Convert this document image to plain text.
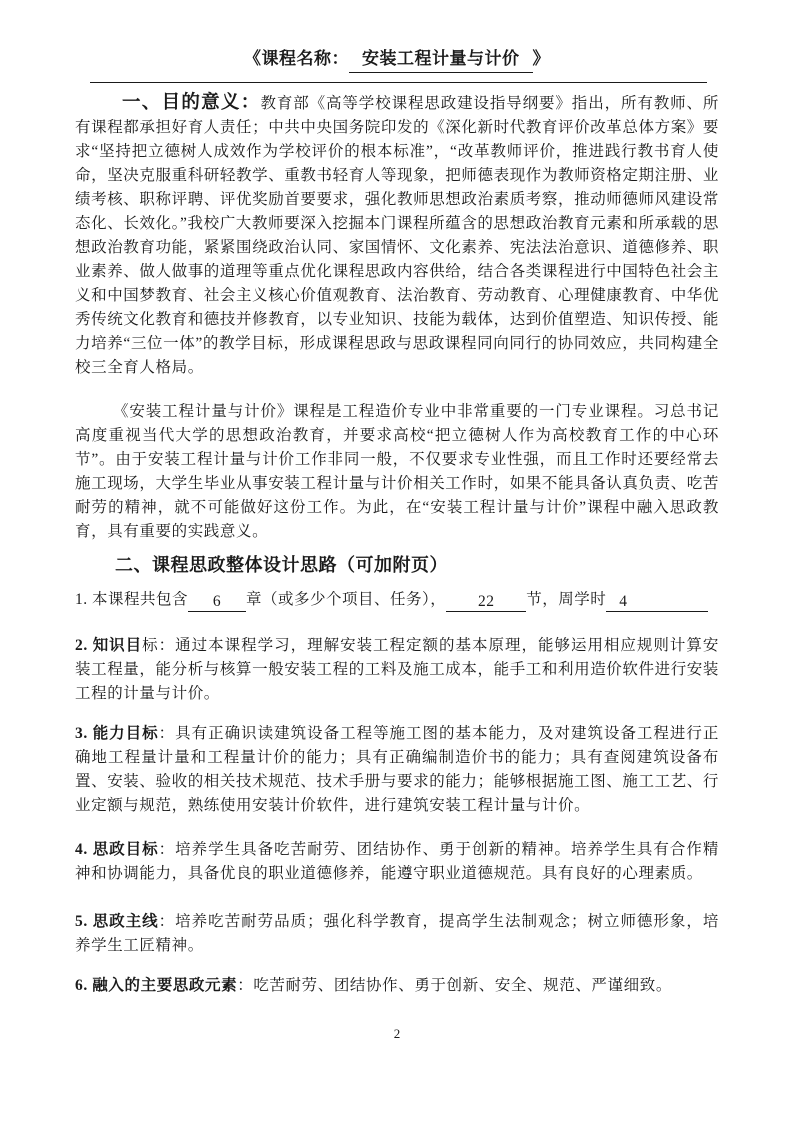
《课程名称： 安装工程计量与计价 》

一、目的意义：教育部《高等学校课程思政建设指导纲要》指出，所有教师、所有课程都承担好育人责任；中共中央国务院印发的《深化新时代教育评价改革总体方案》要求“坚持把立德树人成效作为学校评价的根本标准”，“改革教师评价，推进践行教书育人使命，坚决克服重科研轻教学、重教书轻育人等现象，把师德表现作为教师资格定期注册、业绩考核、职称评聘、评优奖励首要要求，强化教师思想政治素质考察，推动师德师风建设常态化、长效化。”我校广大教师要深入挖掘本门课程所蕴含的思想政治教育元素和所承载的思想政治教育功能，紧紧围绕政治认同、家国情怀、文化素养、宪法法治意识、道德修养、职业素养、做人做事的道理等重点优化课程思政内容供给，结合各类课程进行中国特色社会主义和中国梦教育、社会主义核心价值观教育、法治教育、劳动教育、心理健康教育、中华优秀传统文化教育和德技并修教育，以专业知识、技能为载体，达到价值塑造、知识传授、能力培养“三位一体”的教学目标，形成课程思政与思政课程同向同行的协同效应，共同构建全校三全育人格局。

《安装工程计量与计价》课程是工程造价专业中非常重要的一门专业课程。习总书记高度重视当代大学的思想政治教育，并要求高校“把立德树人作为高校教育工作的中心环节”。由于安装工程计量与计价工作非同一般，不仅要求专业性强，而且工作时还要经常去施工现场，大学生毕业从事安装工程计量与计价相关工作时，如果不能具备认真负责、吃苦耐劳的精神，就不可能做好这份工作。为此，在“安装工程计量与计价”课程中融入思政教育，具有重要的实践意义。

二、课程思政整体设计思路（可加附页）
1. 本课程共包含 6 章（或多少个项目、任务）， 22 节，周学时 4

2. 知识目标：通过本课程学习，理解安装工程定额的基本原理，能够运用相应规则计算安装工程量，能分析与核算一般安装工程的工料及施工成本，能手工和利用造价软件进行安装工程的计量与计价。

3. 能力目标：具有正确识读建筑设备工程等施工图的基本能力，及对建筑设备工程进行正确地工程量计量和工程量计价的能力；具有正确编制造价书的能力；具有查阅建筑设备布置、安装、验收的相关技术规范、技术手册与要求的能力；能够根据施工图、施工工艺、行业定额与规范，熟练使用安装计价软件，进行建筑安装工程计量与计价。

4. 思政目标：培养学生具备吃苦耐劳、团结协作、勇于创新的精神。培养学生具有合作精神和协调能力，具备优良的职业道德修养，能遵守职业道德规范。具有良好的心理素质。

5. 思政主线：培养吃苦耐劳品质；强化科学教育，提高学生法制观念；树立师德形象，培养学生工匠精神。

6. 融入的主要思政元素：吃苦耐劳、团结协作、勇于创新、安全、规范、严谨细致。

2
